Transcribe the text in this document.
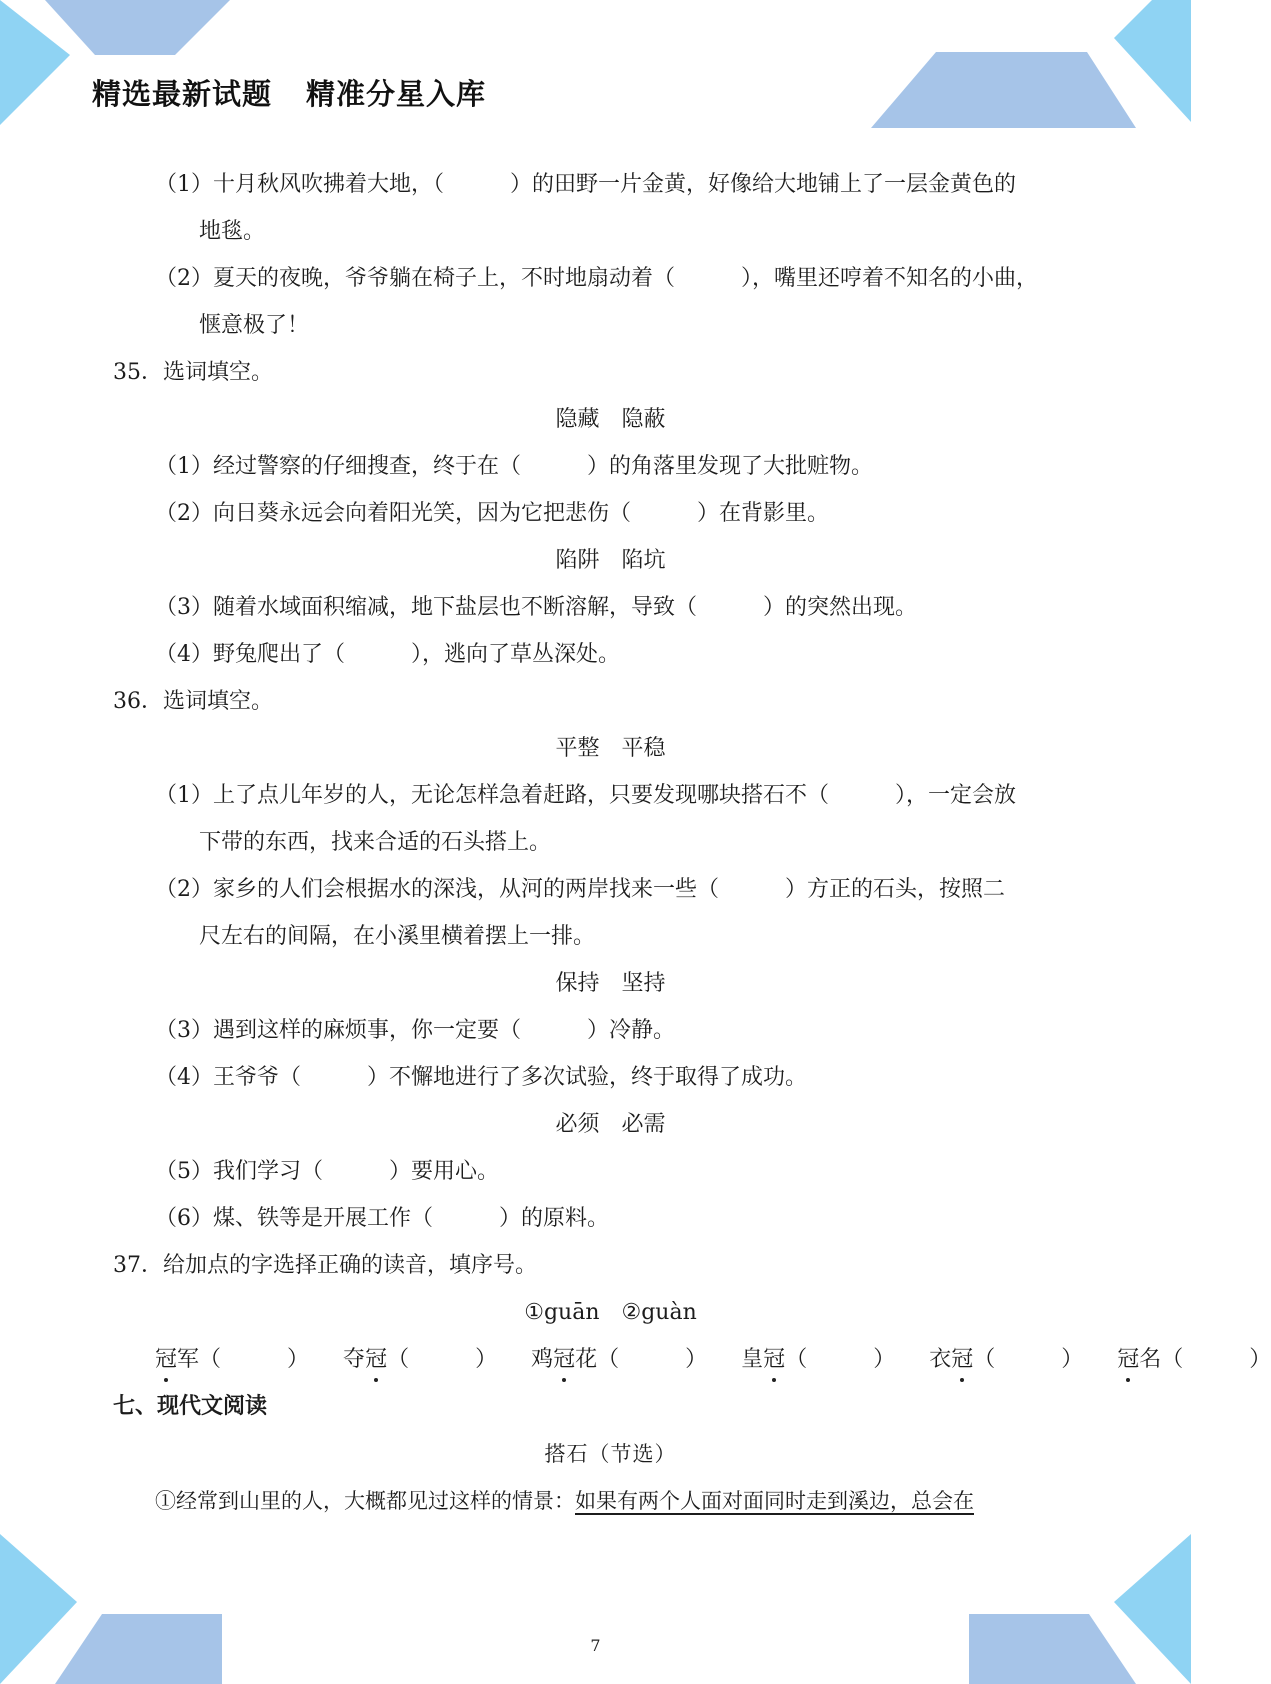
精选最新试题 精准分星入库
（1）十月秋风吹拂着大地，（　　　）的田野一片金黄，好像给大地铺上了一层金黄色的
地毯。
（2）夏天的夜晚，爷爷躺在椅子上，不时地扇动着（　　　），嘴里还哼着不知名的小曲，
惬意极了！
35．选词填空。
隐藏　隐蔽
（1）经过警察的仔细搜查，终于在（　　　）的角落里发现了大批赃物。
（2）向日葵永远会向着阳光笑，因为它把悲伤（　　　）在背影里。
陷阱　陷坑
（3）随着水域面积缩减，地下盐层也不断溶解，导致（　　　）的突然出现。
（4）野兔爬出了（　　　），逃向了草丛深处。
36．选词填空。
平整　平稳
（1）上了点儿年岁的人，无论怎样急着赶路，只要发现哪块搭石不（　　　），一定会放
下带的东西，找来合适的石头搭上。
（2）家乡的人们会根据水的深浅，从河的两岸找来一些（　　　）方正的石头，按照二
尺左右的间隔，在小溪里横着摆上一排。
保持　坚持
（3）遇到这样的麻烦事，你一定要（　　　）冷静。
（4）王爷爷（　　　）不懈地进行了多次试验，终于取得了成功。
必须　必需
（5）我们学习（　　　）要用心。
（6）煤、铁等是开展工作（　　　）的原料。
37．给加点的字选择正确的读音，填序号。
①guān　②guàn
冠军（　　　） 夺冠（　　　） 鸡冠花（　　　） 皇冠（　　　） 衣冠（　　　） 冠名（　　　）
七、现代文阅读
搭石（节选）
①经常到山里的人，大概都见过这样的情景：如果有两个人面对面同时走到溪边，总会在
7
